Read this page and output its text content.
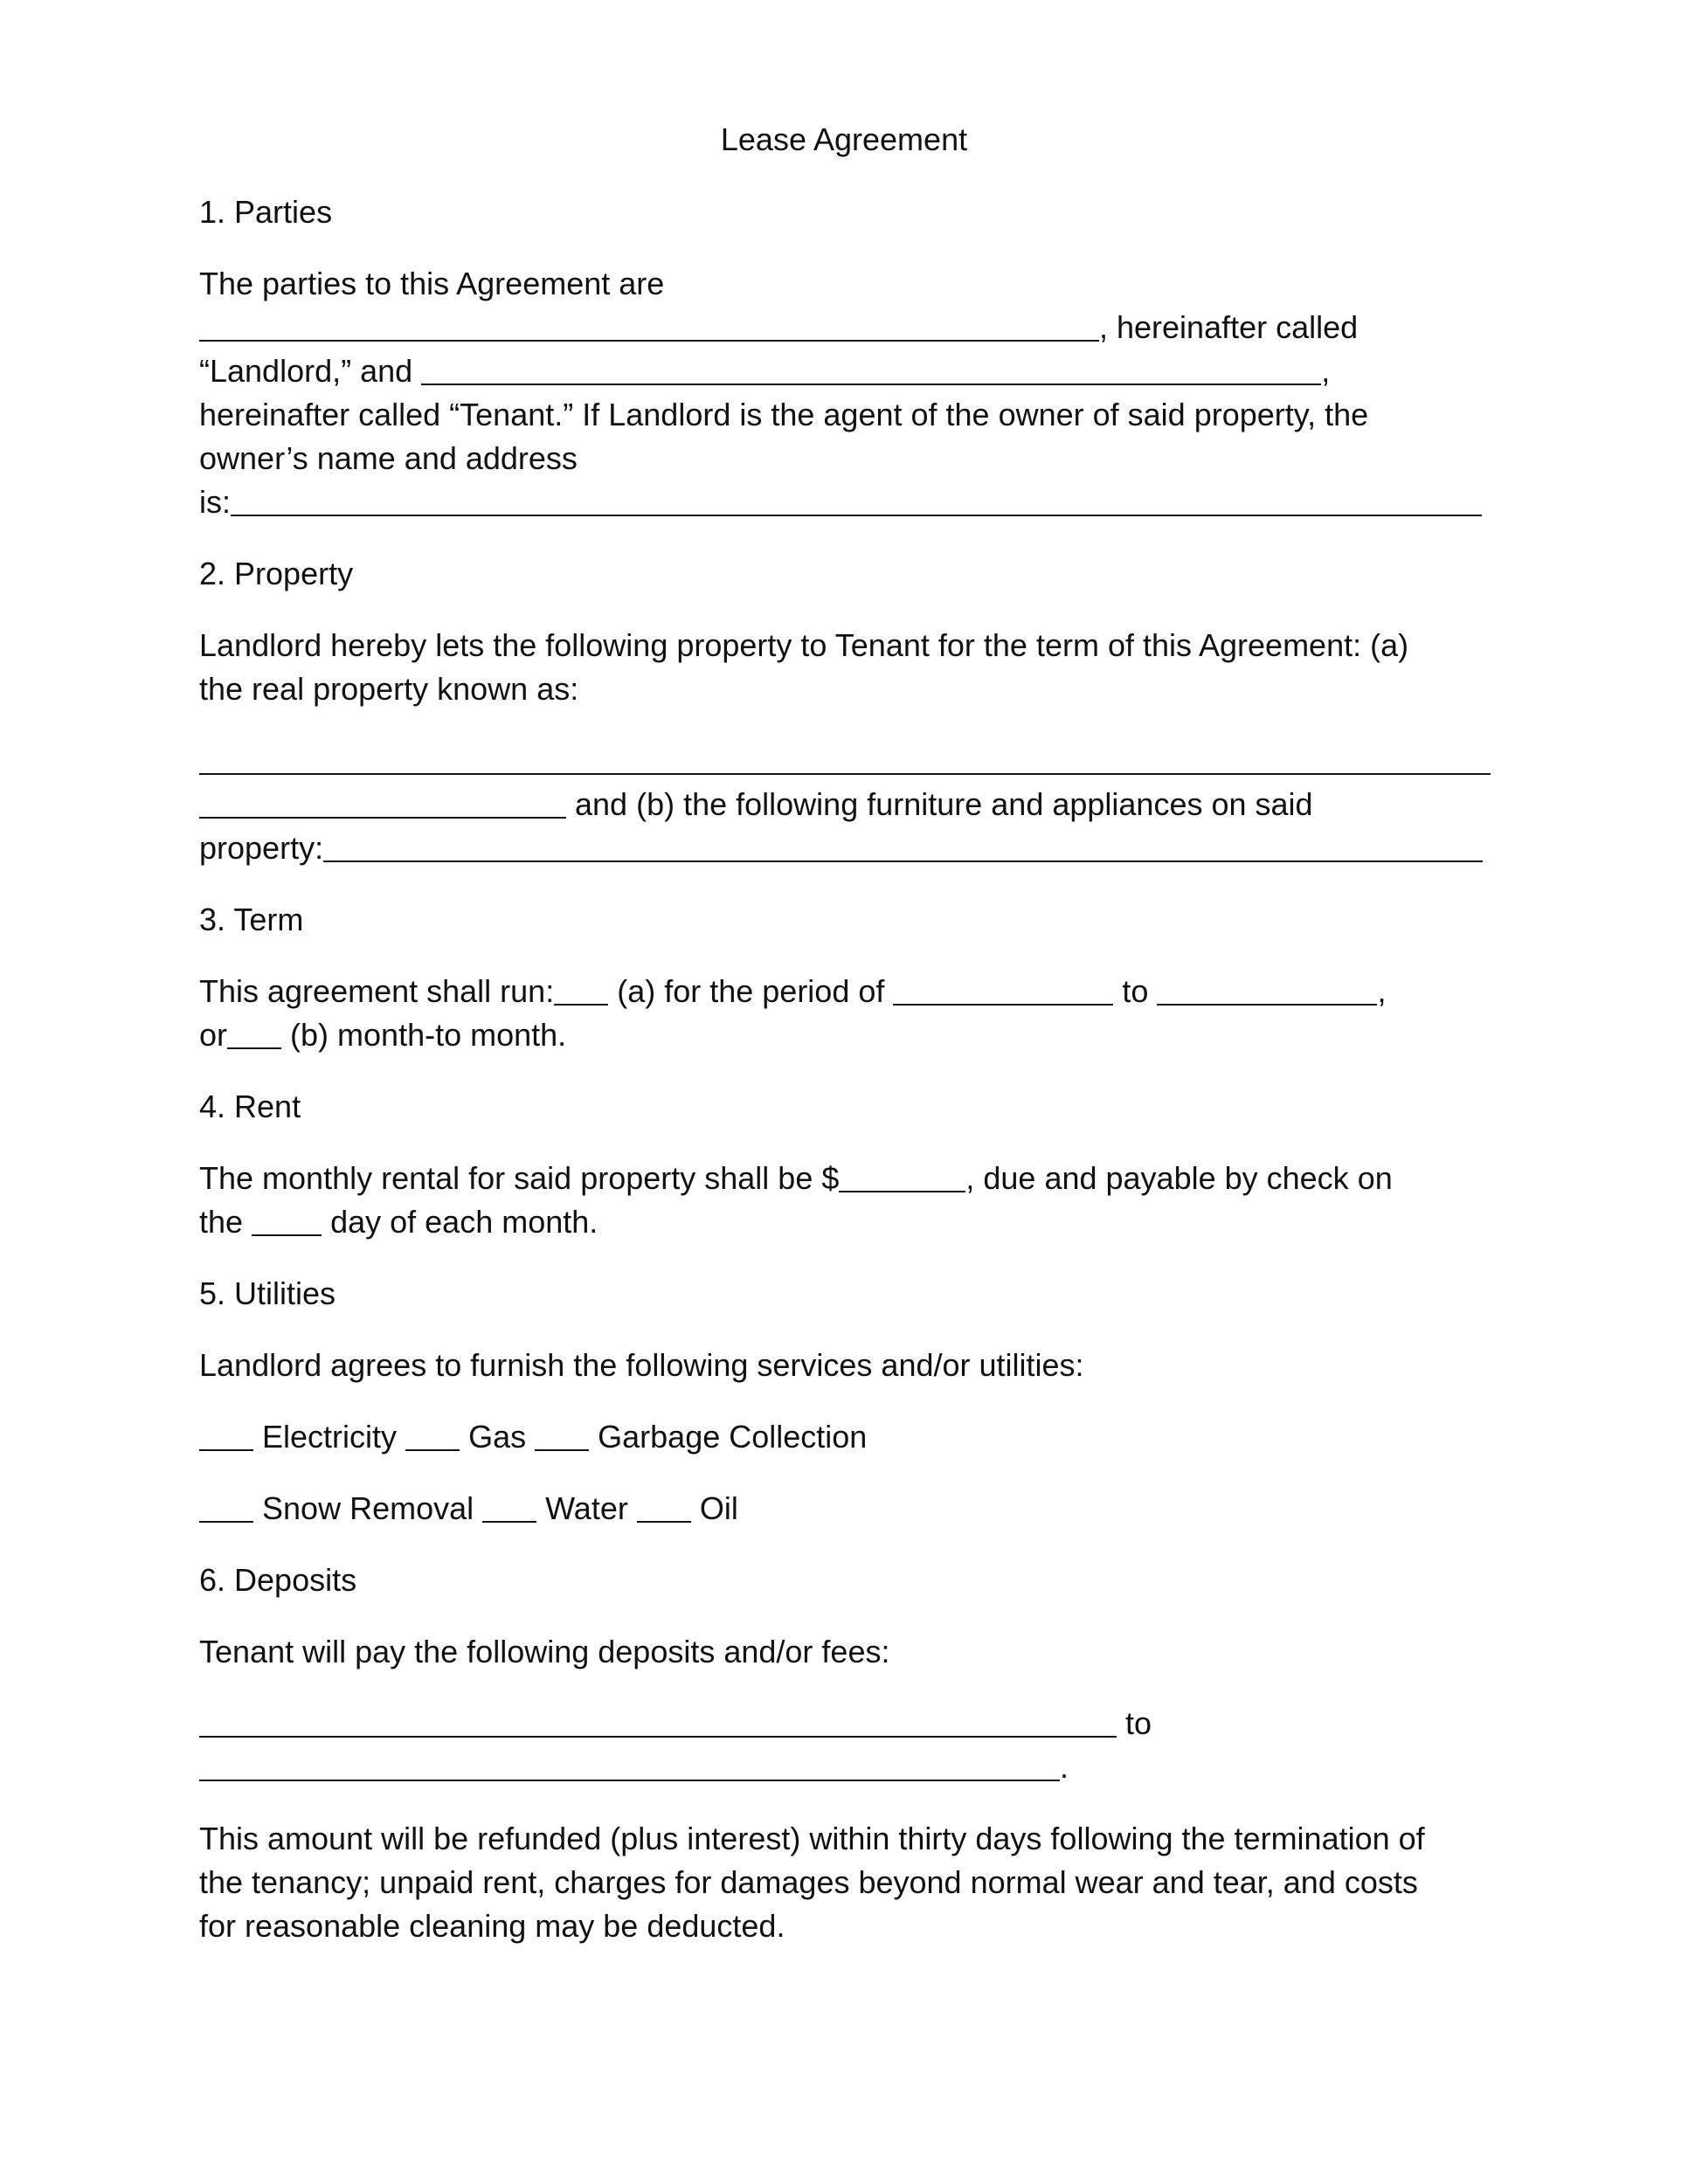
Lease Agreement
1. Parties
The parties to this Agreement are
, hereinafter called
“Landlord,” and	,
hereinafter called “Tenant.” If Landlord is the agent of the owner of said property, the
owner’s name and address
is:
2. Property
Landlord hereby lets the following property to Tenant for the term of this Agreement: (a)
the real property known as:
and (b) the following furniture and appliances on said
property:
3. Term
This agreement shall run: (a) for the period of	to	,
or (b) month-to month.
4. Rent
The monthly rental for said property shall be $	, due and payable by check on
the	day of each month.
5. Utilities
Landlord agrees to furnish the following services and/or utilities:
Electricity Gas Garbage Collection
Snow Removal Water Oil
6. Deposits
Tenant will pay the following deposits and/or fees:
to
.
This amount will be refunded (plus interest) within thirty days following the termination of
the tenancy; unpaid rent, charges for damages beyond normal wear and tear, and costs
for reasonable cleaning may be deducted.
